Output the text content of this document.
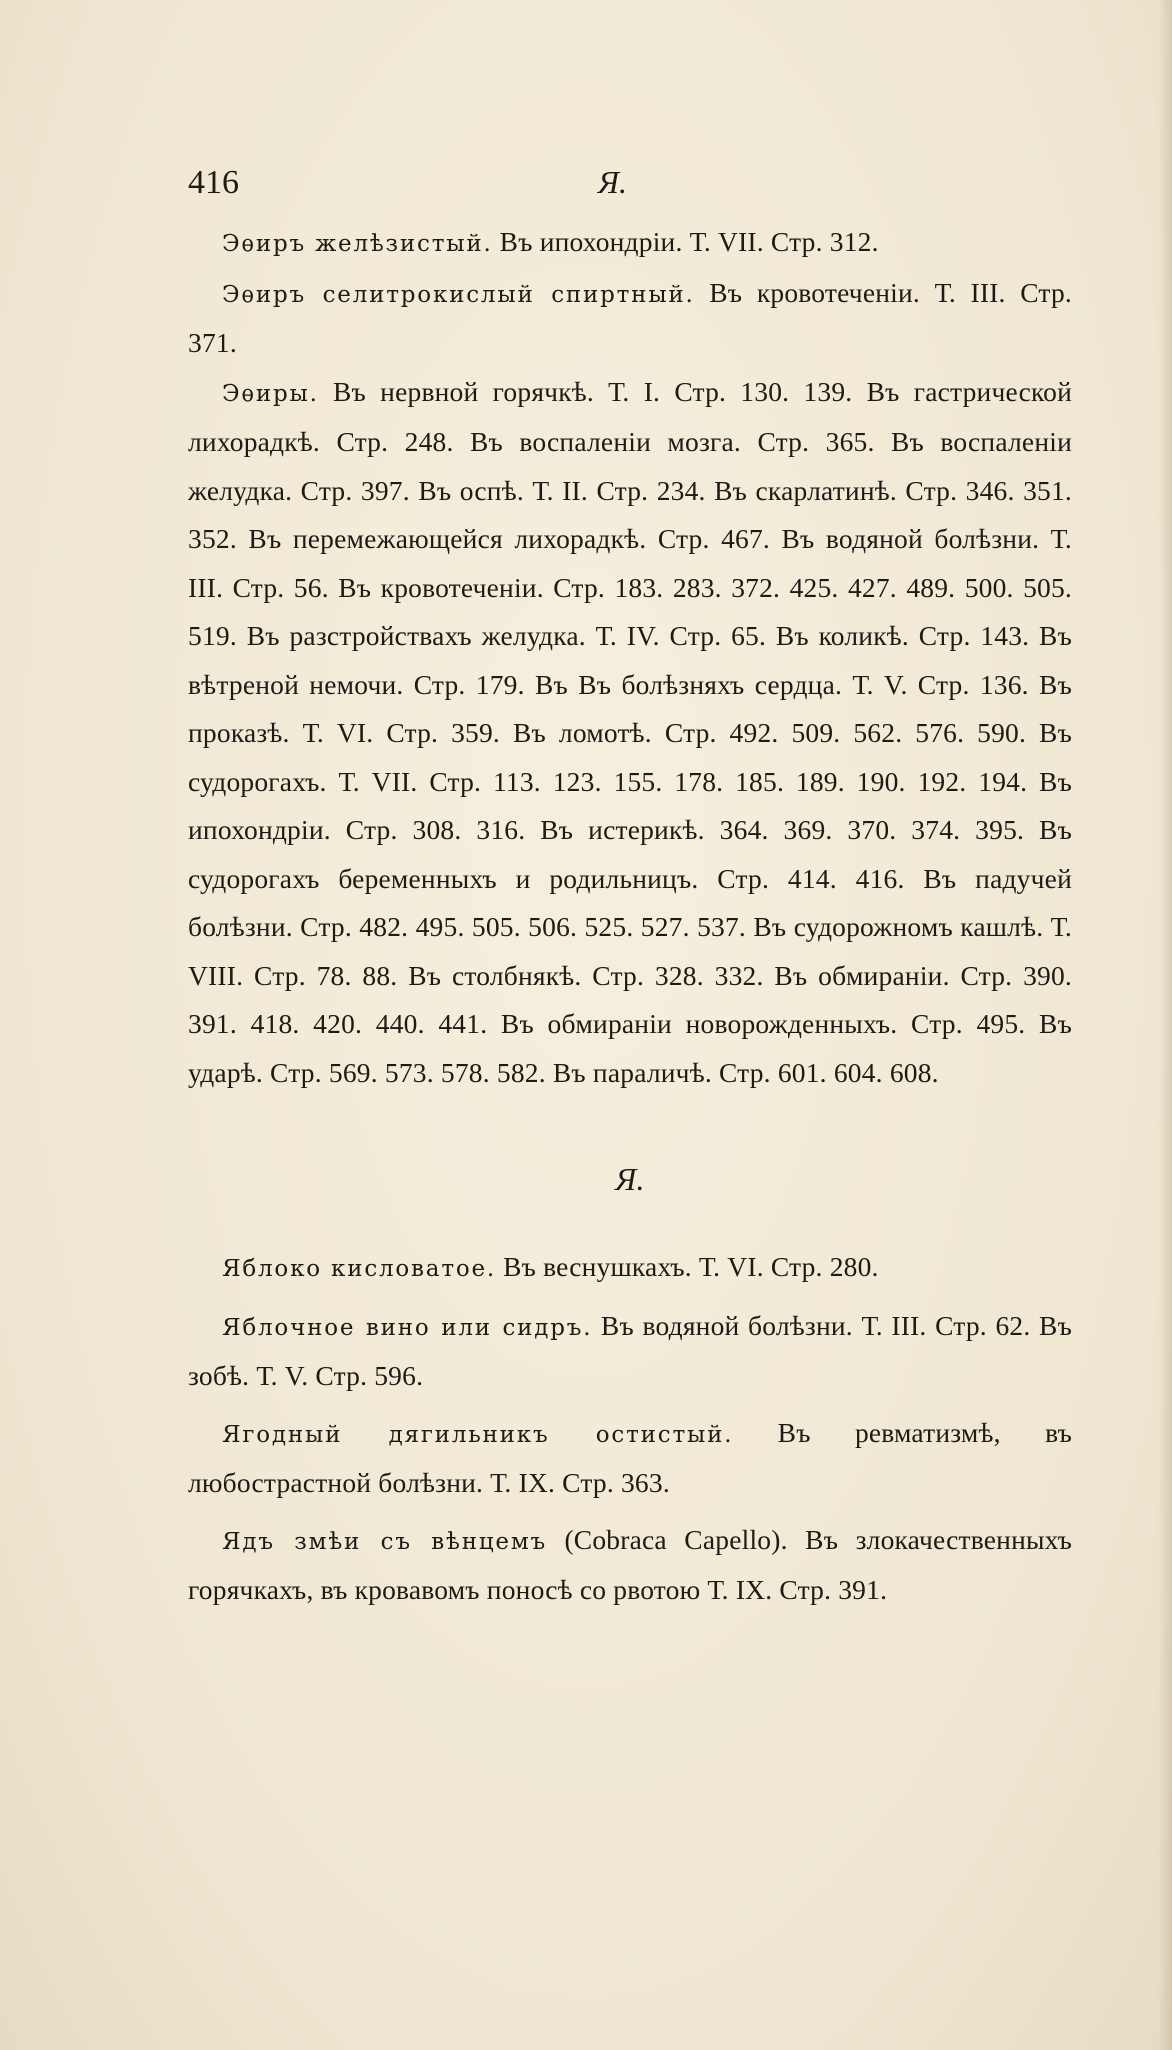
416	Я.

Эѳиръ желѣзистый. Въ ипохондріи. Т. VII. Стр. 312.

Эѳиръ селитрокислый спиртный. Въ кровотеченіи. Т. III. Стр. 371.

Эѳиры. Въ нервной горячкѣ. Т. I. Стр. 130. 139. Въ гастрической лихорадкѣ. Стр. 248. Въ воспаленіи мозга. Стр. 365. Въ воспаленіи желудка. Стр. 397. Въ оспѣ. Т. II. Стр. 234. Въ скарлатинѣ. Стр. 346. 351. 352. Въ перемежающейся лихорадкѣ. Стр. 467. Въ водяной болѣзни. Т. III. Стр. 56. Въ кровотеченіи. Стр. 183. 283. 372. 425. 427. 489. 500. 505. 519. Въ разстройствахъ желудка. Т. IV. Стр. 65. Въ коликѣ. Стр. 143. Въ вѣтреной немочи. Стр. 179. Въ Въ болѣзняхъ сердца. Т. V. Стр. 136. Въ проказѣ. Т. VI. Стр. 359. Въ ломотѣ. Стр. 492. 509. 562. 576. 590. Въ судорогахъ. Т. VII. Стр. 113. 123. 155. 178. 185. 189. 190. 192. 194. Въ ипохондріи. Стр. 308. 316. Въ истерикѣ. 364. 369. 370. 374. 395. Въ судорогахъ беременныхъ и родильницъ. Стр. 414. 416. Въ падучей болѣзни. Стр. 482. 495. 505. 506. 525. 527. 537. Въ судорожномъ кашлѣ. Т. VIII. Стр. 78. 88. Въ столбнякѣ. Стр. 328. 332. Въ обмираніи. Стр. 390. 391. 418. 420. 440. 441. Въ обмираніи новорожденныхъ. Стр. 495. Въ ударѣ. Стр. 569. 573. 578. 582. Въ параличѣ. Стр. 601. 604. 608.

Я.

Яблоко кисловатое. Въ веснушкахъ. Т. VI. Стр. 280.

Яблочное вино или сидръ. Въ водяной болѣзни. Т. III. Стр. 62. Въ зобѣ. Т. V. Стр. 596.

Ягодный дягильникъ остистый. Въ ревматизмѣ, въ любострастной болѣзни. Т. IX. Стр. 363.

Ядъ змѣи съ вѣнцемъ (Cobraca Capello). Въ злокачественныхъ горячкахъ, въ кровавомъ поносѣ со рвотою Т. IX. Стр. 391.
